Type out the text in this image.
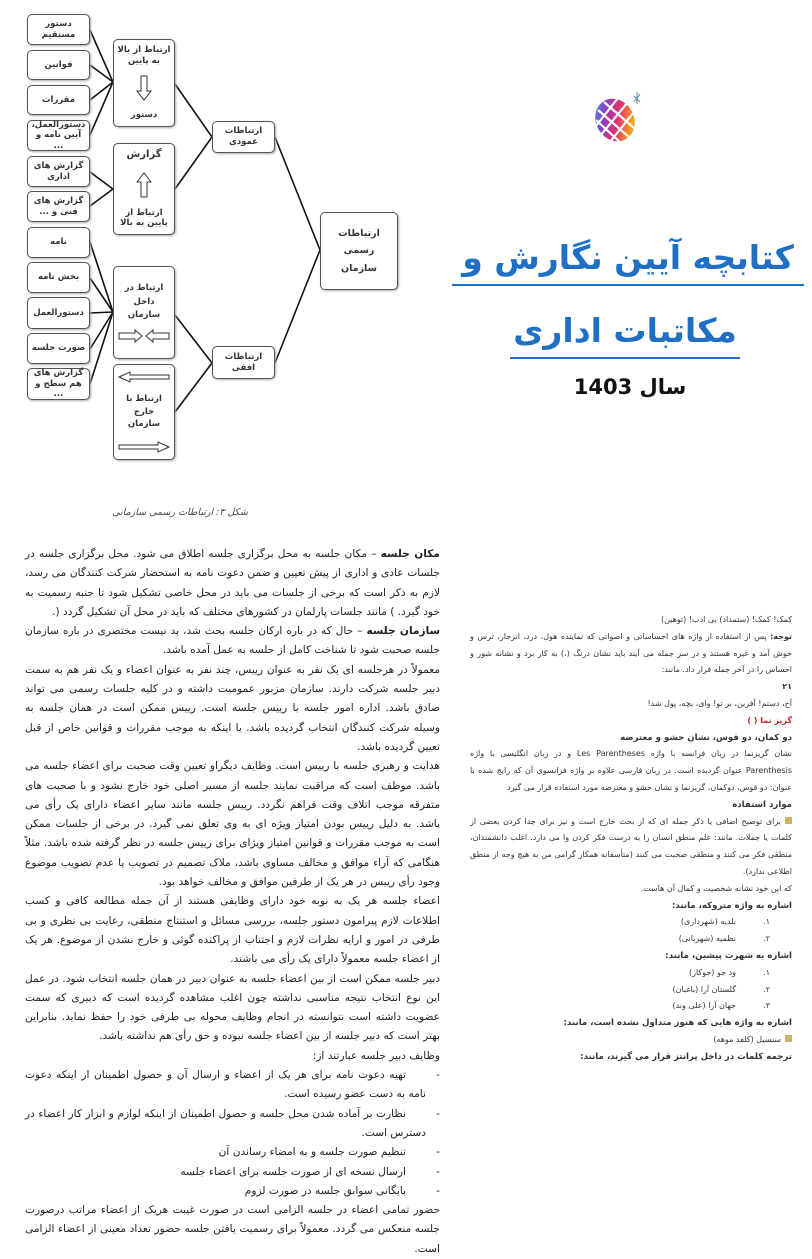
دستور مستقیم
قوانین
مقررات
دستورالعمل، آیین نامه و ...
گزارش های اداری
گزارش های فنی و ...
نامه
بخش نامه
دستورالعمل
صورت جلسه
گزارش های هم سطح و ...
ارتباط از بالا به پایین
دستور
گزارش
ارتباط از پایین به بالا
ارتباط در داخل سازمان
ارتباط با خارج سازمان
ارتباطات عمودی
ارتباطات افقی
ارتباطات رسمی سازمان
شکل ۳: ارتباطات رسمی سازمانی

مکان جلسه – مکان جلسه به محل برگزاری جلسه اطلاق می شود. محل برگزاری جلسه در جلسات عادی و اداری از پیش تعیین و ضمن دعوت نامه به استحضار شرکت کنندگان می رسد، لازم به ذکر است که برخی از جلسات می باید در محل خاصی تشکیل شود تا جنبه رسمیت به خود گیرد. ) مانند جلسات پارلمان در کشورهای مختلف که باید در محل آن تشکیل گردد (.

سازمان جلسه – حال که در باره ارکان جلسه بحث شد، بد نیست مختصری در باره سازمان جلسه صحبت شود تا شناخت کامل از جلسه به عمل آمده باشد.

معمولاً در هرجلسه ای یک نفر به عنوان رییس، چند نفر به عنوان اعضاء و یک نفر هم به سمت دبیر جلسه شرکت دارند. سازمان مزبور عمومیت داشته و در کلیه جلسات رسمی می تواند صادق باشد. اداره امور جلسه با رییس جلسه است. رییس ممکن است در همان جلسه به وسیله شرکت کنندگان انتخاب گردیده باشد. یا اینکه به موجب مقررات و قوانین خاص از قبل تعیین گردیده باشد.

هدایت و رهبری جلسه با رییس است. وظایف دیگراو تعیین وقت صحبت برای اعضاء جلسه می باشد. موظف است که مراقبت نمایند جلسه از مسیر اصلی خود خارج نشود و با صحبت های متفرقه موجب اتلاف وقت فراهم نگردد. رییس جلسه مانند سایر اعضاء دارای یک رأی می باشد. به دلیل رییس بودن امتیاز ویژه ای به وی تعلق نمی گیرد. در برخی از جلسات ممکن است به موجب مقررات و قوانین امتیاز ویژای برای رییس جلسه در نظر گرفته شده باشد. مثلاً هنگامی که آراء موافق و مخالف مساوی باشد، ملاک تصمیم در تصویب یا عدم تصویب موضوع وجود رأی رییس در هر یک از طرفین موافق و مخالف خواهد بود.

اعضاء جلسه هر یک به نوبه خود دارای وظایفی هستند از آن جمله مطالعه کافی و کسب اطلاعات لازم پیرامون دستور جلسه، بررسی مسائل و استنتاج منطقی، رعایت بی نظری و بی طرفی در امور و ارایه نظرات لازم و اجتناب از پراکنده گوئی و خارج نشدن از موضوع. هر یک از اعضاء جلسه معمولاً دارای یک رأی می باشند.

دبیر جلسه ممکن است از بین اعضاء جلسه به عنوان دبیر در همان جلسه انتخاب شود. در عمل این نوع انتخاب نتیجه مناسبی نداشته چون اغلب مشاهده گردیده است که دبیری که سمت عضویت داشته است نتوانسته در انجام وظایف محوله بی طرفی خود را حفظ نماید. بنابراین بهتر است که دبیر جلسه از بین اعضاء جلسه نبوده و حق رأی هم نداشته باشد.

وظایف دبیر جلسه عبارتند از:

- تهیه دعوت نامه برای هر یک از اعضاء و ارسال آن و حصول اطمینان از اینکه دعوت نامه به دست عضو رسیده است.

- نظارت بر آماده شدن محل جلسه و حصول اطمینان از اینکه لوازم و ابزار کار اعضاء در دسترس است.

- تنظیم صورت جلسه و به امضاء رساندن آن

- ارسال نسخه ای از صورت جلسه برای اعضاء جلسه

- بایگانی سوابق جلسه در صورت لزوم

حضور تمامی اعضاء در جلسه الزامی است در صورت غیبت هریک از اعضاء مراتب درصورت جلسه منعکس می گردد. معمولاً برای رسمیت یافتن جلسه حضور تعداد معینی از اعضاء الزامی است.

کتابچه آیین نگارش و
مکاتبات اداری
سال 1403

کمک! کمک! (ستمداد) بی ادب! (توهین)

توجه: پس از استفاده از واژه های احساساتی و اصواتی که نماینده هول، درد، انزجار، ترس و خوش آمد و غیره هستند و در سر جمله می آیند باید نشان درنگ (،) به کار برد و نشانه شور و احساس را در آخر جمله قرار داد. مانند:

۲۱

آخ، دستم! آفرین، بر تو! وای، بچه، پول شد!

گریز نما ( )

دو کمان، دو قوس، نشان حشو و معترضه

نشان گریزنما در زبان فرانسه با واژه Les Parentheses و در زبان انگلیسی با واژه Parenthesis عنوان گردیده است. در زبان فارسی علاوه بر واژه فرانسوی آن که رایج شده با عنوان: دو قوس، دوکمان، گریزنما و نشان حشو و معترضه مورد استفاده قرار می گیرد

موارد استفاده

برای توضیح اضافی یا ذکر جمله ای که از بحث خارج است و نیز برای جدا کردن بعضی از کلمات یا جملات. مانند: علم منطق انسان را به درست فکر کردن وا می دارد. اغلب دانشمندان، منطقی فکر می کنند و منطقی صحبت می کنند (متأسفانه همکار گرامی من به هیچ وجه از منطق اطلاعی ندارد).

که این خود نشانه شخصیت و کمال آن هاست.

اشاره به واژه متروکه، مانند:

۱.بلدیه (شهرداری)

۲.نظمیه (شهربانی)

اشاره به شهرت پیشین، مانند:

۱.ود جو (جوکار)

۲.گلستان آرا (باغبان)

۳.جهان آرا (علی وند)

اشاره به واژه هایی که هنوز متداول نشده است، مانند:

سنسیل (کلفد موهه)

ترجمه کلمات در داخل پرانتز قرار می گیرند، مانند:
